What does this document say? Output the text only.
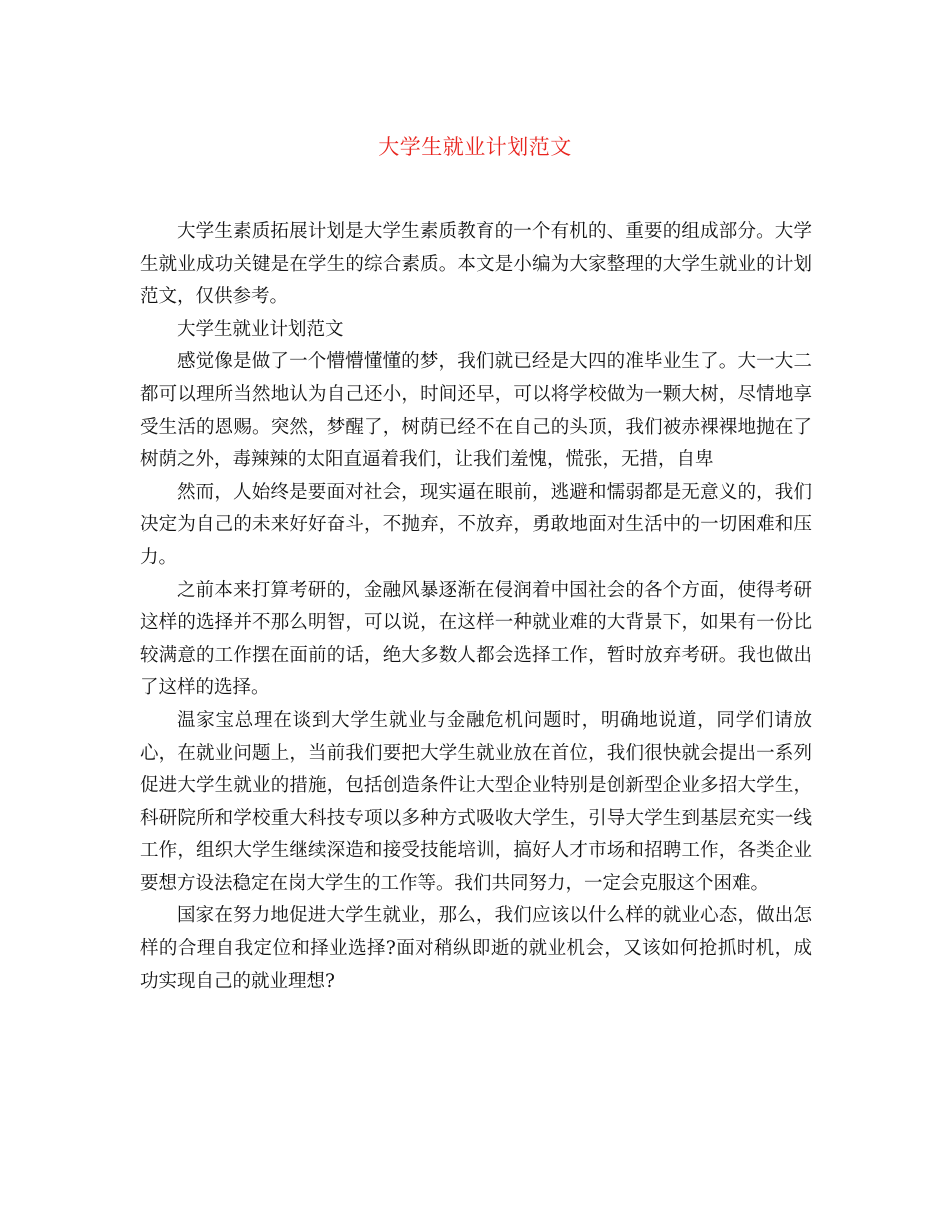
大学生就业计划范文

大学生素质拓展计划是大学生素质教育的一个有机的、重要的组成部分。大学生就业成功关键是在学生的综合素质。本文是小编为大家整理的大学生就业的计划范文，仅供参考。

大学生就业计划范文

感觉像是做了一个懵懵懂懂的梦，我们就已经是大四的准毕业生了。大一大二都可以理所当然地认为自己还小，时间还早，可以将学校做为一颗大树，尽情地享受生活的恩赐。突然，梦醒了，树荫已经不在自己的头顶，我们被赤裸裸地抛在了树荫之外，毒辣辣的太阳直逼着我们，让我们羞愧，慌张，无措，自卑

然而，人始终是要面对社会，现实逼在眼前，逃避和懦弱都是无意义的，我们决定为自己的未来好好奋斗，不抛弃，不放弃，勇敢地面对生活中的一切困难和压力。

之前本来打算考研的，金融风暴逐渐在侵润着中国社会的各个方面，使得考研这样的选择并不那么明智，可以说，在这样一种就业难的大背景下，如果有一份比较满意的工作摆在面前的话，绝大多数人都会选择工作，暂时放弃考研。我也做出了这样的选择。

温家宝总理在谈到大学生就业与金融危机问题时，明确地说道，同学们请放心，在就业问题上，当前我们要把大学生就业放在首位，我们很快就会提出一系列促进大学生就业的措施，包括创造条件让大型企业特别是创新型企业多招大学生，科研院所和学校重大科技专项以多种方式吸收大学生，引导大学生到基层充实一线工作，组织大学生继续深造和接受技能培训，搞好人才市场和招聘工作，各类企业要想方设法稳定在岗大学生的工作等。我们共同努力，一定会克服这个困难。

国家在努力地促进大学生就业，那么，我们应该以什么样的就业心态，做出怎样的合理自我定位和择业选择?面对稍纵即逝的就业机会，又该如何抢抓时机，成功实现自己的就业理想?
